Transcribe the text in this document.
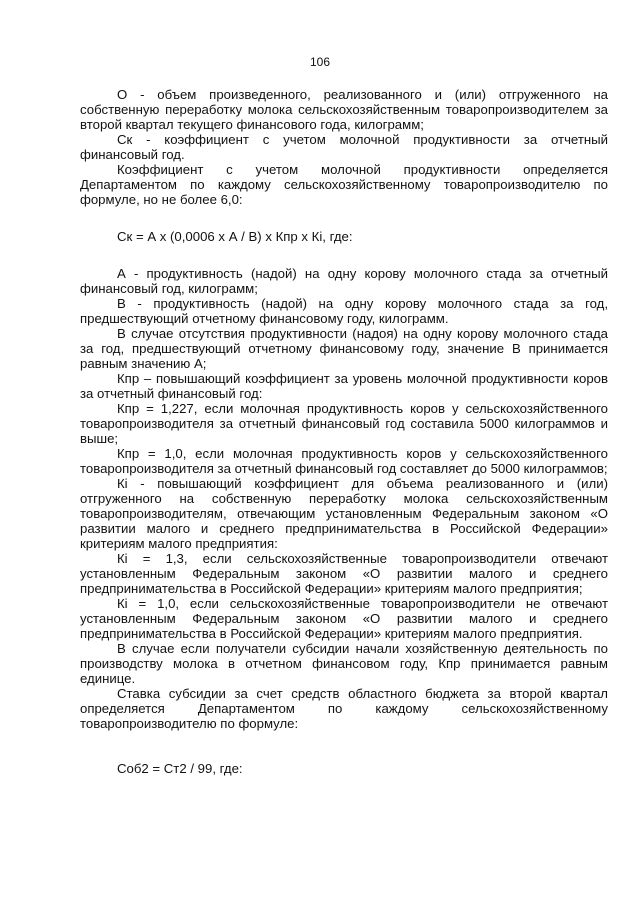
106

О - объем произведенного, реализованного и (или) отгруженного на собственную переработку молока сельскохозяйственным товаропроизводителем за второй квартал текущего финансового года, килограмм;

Ск - коэффициент с учетом молочной продуктивности за отчетный финансовый год.

Коэффициент с учетом молочной продуктивности определяется Департаментом по каждому сельскохозяйственному товаропроизводителю по формуле, но не более 6,0:

Ск = А х (0,0006 х А / В) х Кпр х Кi, где:

А - продуктивность (надой) на одну корову молочного стада за отчетный финансовый год, килограмм;

В - продуктивность (надой) на одну корову молочного стада за год, предшествующий отчетному финансовому году, килограмм.

В случае отсутствия продуктивности (надоя) на одну корову молочного стада за год, предшествующий отчетному финансовому году, значение В принимается равным значению А;

Кпр – повышающий коэффициент за уровень молочной продуктивности коров за отчетный финансовый год:

Кпр = 1,227, если молочная продуктивность коров у сельскохозяйственного товаропроизводителя за отчетный финансовый год составила 5000 килограммов и выше;

Кпр = 1,0, если молочная продуктивность коров у сельскохозяйственного товаропроизводителя за отчетный финансовый год составляет до 5000 килограммов;

Кi - повышающий коэффициент для объема реализованного и (или) отгруженного на собственную переработку молока сельскохозяйственным товаропроизводителям, отвечающим установленным Федеральным законом «О развитии малого и среднего предпринимательства в Российской Федерации» критериям малого предприятия:

Кi = 1,3, если сельскохозяйственные товаропроизводители отвечают установленным Федеральным законом «О развитии малого и среднего предпринимательства в Российской Федерации» критериям малого предприятия;

Кi = 1,0, если сельскохозяйственные товаропроизводители не отвечают установленным Федеральным законом «О развитии малого и среднего предпринимательства в Российской Федерации» критериям малого предприятия.

В случае если получатели субсидии начали хозяйственную деятельность по производству молока в отчетном финансовом году, Кпр принимается равным единице.

Ставка субсидии за счет средств областного бюджета за второй квартал определяется Департаментом по каждому сельскохозяйственному товаропроизводителю по формуле:

Соб2 = Ст2 / 99, где:
